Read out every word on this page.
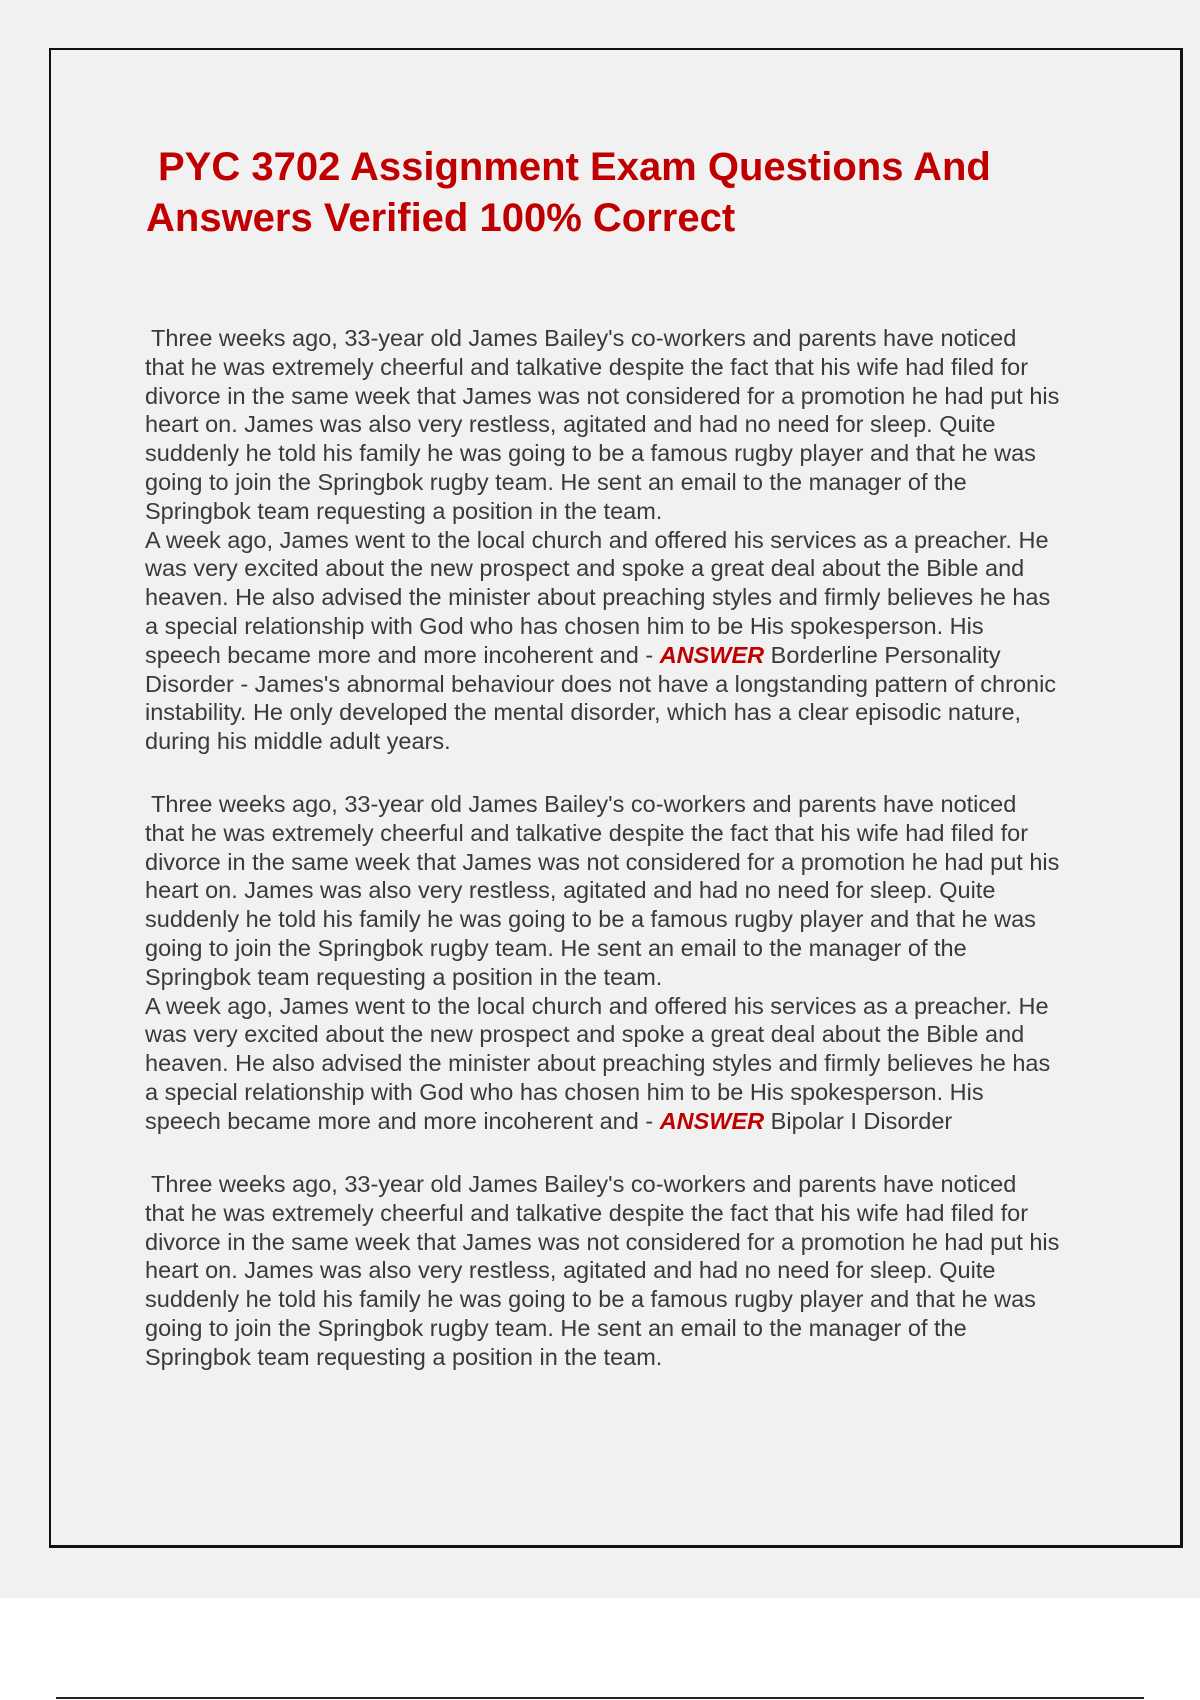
PYC 3702 Assignment Exam Questions And
Answers Verified 100% Correct
Three weeks ago, 33-year old James Bailey's co-workers and parents have noticed
that he was extremely cheerful and talkative despite the fact that his wife had filed for
divorce in the same week that James was not considered for a promotion he had put his
heart on. James was also very restless, agitated and had no need for sleep. Quite
suddenly he told his family he was going to be a famous rugby player and that he was
going to join the Springbok rugby team. He sent an email to the manager of the
Springbok team requesting a position in the team.
A week ago, James went to the local church and offered his services as a preacher. He
was very excited about the new prospect and spoke a great deal about the Bible and
heaven. He also advised the minister about preaching styles and firmly believes he has
a special relationship with God who has chosen him to be His spokesperson. His
speech became more and more incoherent and - ANSWER Borderline Personality
Disorder - James's abnormal behaviour does not have a longstanding pattern of chronic
instability. He only developed the mental disorder, which has a clear episodic nature,
during his middle adult years.
Three weeks ago, 33-year old James Bailey's co-workers and parents have noticed
that he was extremely cheerful and talkative despite the fact that his wife had filed for
divorce in the same week that James was not considered for a promotion he had put his
heart on. James was also very restless, agitated and had no need for sleep. Quite
suddenly he told his family he was going to be a famous rugby player and that he was
going to join the Springbok rugby team. He sent an email to the manager of the
Springbok team requesting a position in the team.
A week ago, James went to the local church and offered his services as a preacher. He
was very excited about the new prospect and spoke a great deal about the Bible and
heaven. He also advised the minister about preaching styles and firmly believes he has
a special relationship with God who has chosen him to be His spokesperson. His
speech became more and more incoherent and - ANSWER Bipolar I Disorder
Three weeks ago, 33-year old James Bailey's co-workers and parents have noticed
that he was extremely cheerful and talkative despite the fact that his wife had filed for
divorce in the same week that James was not considered for a promotion he had put his
heart on. James was also very restless, agitated and had no need for sleep. Quite
suddenly he told his family he was going to be a famous rugby player and that he was
going to join the Springbok rugby team. He sent an email to the manager of the
Springbok team requesting a position in the team.
